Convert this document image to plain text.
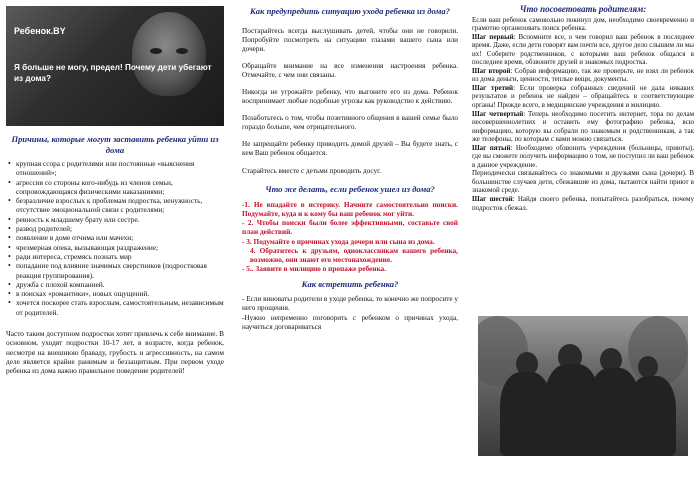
Ребенок.BY
Я больше не могу, предел! Почему дети убегают из дома?
Причины, которые могут заставить ребенка уйти из дома
• крупная ссора с родителями или постоянные «выяснения отношений»;
• агрессия со стороны кого-нибудь из членов семьи, сопровождающаяся физическими наказаниями;
• безразличие взрослых к проблемам подростка, ненужность, отсутствие эмоциональной связи с родителями;
• ревность к младшему брату или сестре.
• развод родителей;
• появление в доме отчима или мачехи;
• чрезмерная опека, вызывающая раздражение;
• ради интереса, стремясь познать мир
• попадание под влияние значимых сверстников (подростковая реакция группирования).
• дружба с плохой компанией.
• в поисках «романтики», новых ощущений.
• хочется поскорее стать взрослым, самостоятельным, независимым от родителей.

Часто таким доступном подростки хотят привлечь к себе внимание. В основном, уходят подростки 10-17 лет, в возрасте, когда ребенок, несмотря на внешнюю браваду, грубость и агрессивность, на самом деле является крайне ранимым и беззащитным. При первом уходе ребенка из дома важно правильное поведение родителей!

Как предупредить ситуацию ухода ребенка из дома?

Постарайтесь всегда выслушивать детей, чтобы они не говорили. Попробуйте посмотреть на ситуацию глазами вашего сына или дочери.

Обращайте внимание на все изменения настроения ребенка. Отмечайте, с чем они связаны.

Никогда не угрожайте ребенку, что выгоните его из дома. Ребенок воспринимает любые подобные угрозы как руководство к действию.

Позаботьтесь о том, чтобы позитивного общения в вашей семье было гораздо больше, чем отрицательного.

Не запрещайте ребенку приводить домой друзей – Вы будете знать, с кем Ваш ребенок общается.

Старайтесь вместе с детьми проводить досуг.

Что же делать, если ребенок ушел из дома?

-1. Не впадайте в истерику. Начните самостоятельно поиски. Подумайте, куда и к кому бы ваш ребенок мог уйти.

- 2. Чтобы поиски были более эффективными, составьте свой план действий.

- 3. Подумайте о причинах ухода дочери или сына из дома.

4. Обратитесь к друзьям, одноклассникам вашего ребенка, возможно, они знают его местонахождение.

- 5.. Заявите в милицию о пропаже ребенка.

Как встретить ребенка?

- Если виноваты родители в уходе ребенка, то конечно же попросите у него прощения.

-Нужно непременно поговорить с ребенком о причинах ухода, научиться договариваться

Что посоветовать родителям:

Если ваш ребенок самовольно покинул дом, необходимо своевременно и грамотно организовать поиск ребенка.

Шаг первый: Вспомните все, о чем говорил ваш ребенок в последнее время. Даже, если дети говорят вам почти все, другое дело слышим ли мы их! Соберите родственников, с которыми ваш ребенок общался в последнее время, обзвоните друзей и знакомых подростка.

Шаг второй: Собрав информацию, так же проверьте, не взял ли ребенок из дома деньги, ценности, теплые вещи, документы.

Шаг третий: Если проверка собранных сведений не дала никаких результатов и ребенок не найден – обращайтесь в соответствующие органы! Прежде всего, в медицинские учреждения и милицию.

Шаг четвертый: Теперь необходимо посетить интернет, тора по делам несовершеннолетних и оставить ему фотографию ребенка, всю информацию, которую вы собрали по знакомым и родственникам, а так же телефоны, по которым с вами можно связаться.

Шаг пятый: Необходимо обзвонить учреждения (больницы, приюты), где вы сможете получить информацию о том, не поступил ли ваш ребенок в данное учреждение.

Периодически связывайтесь со знакомыми и друзьями сына (дочери). В большинстве случаев дети, сбежавшие из дома, пытаются найти приют в знакомой среде.

Шаг шестой: Найдя своего ребенка, попытайтесь разобраться, почему подросток сбежал.
